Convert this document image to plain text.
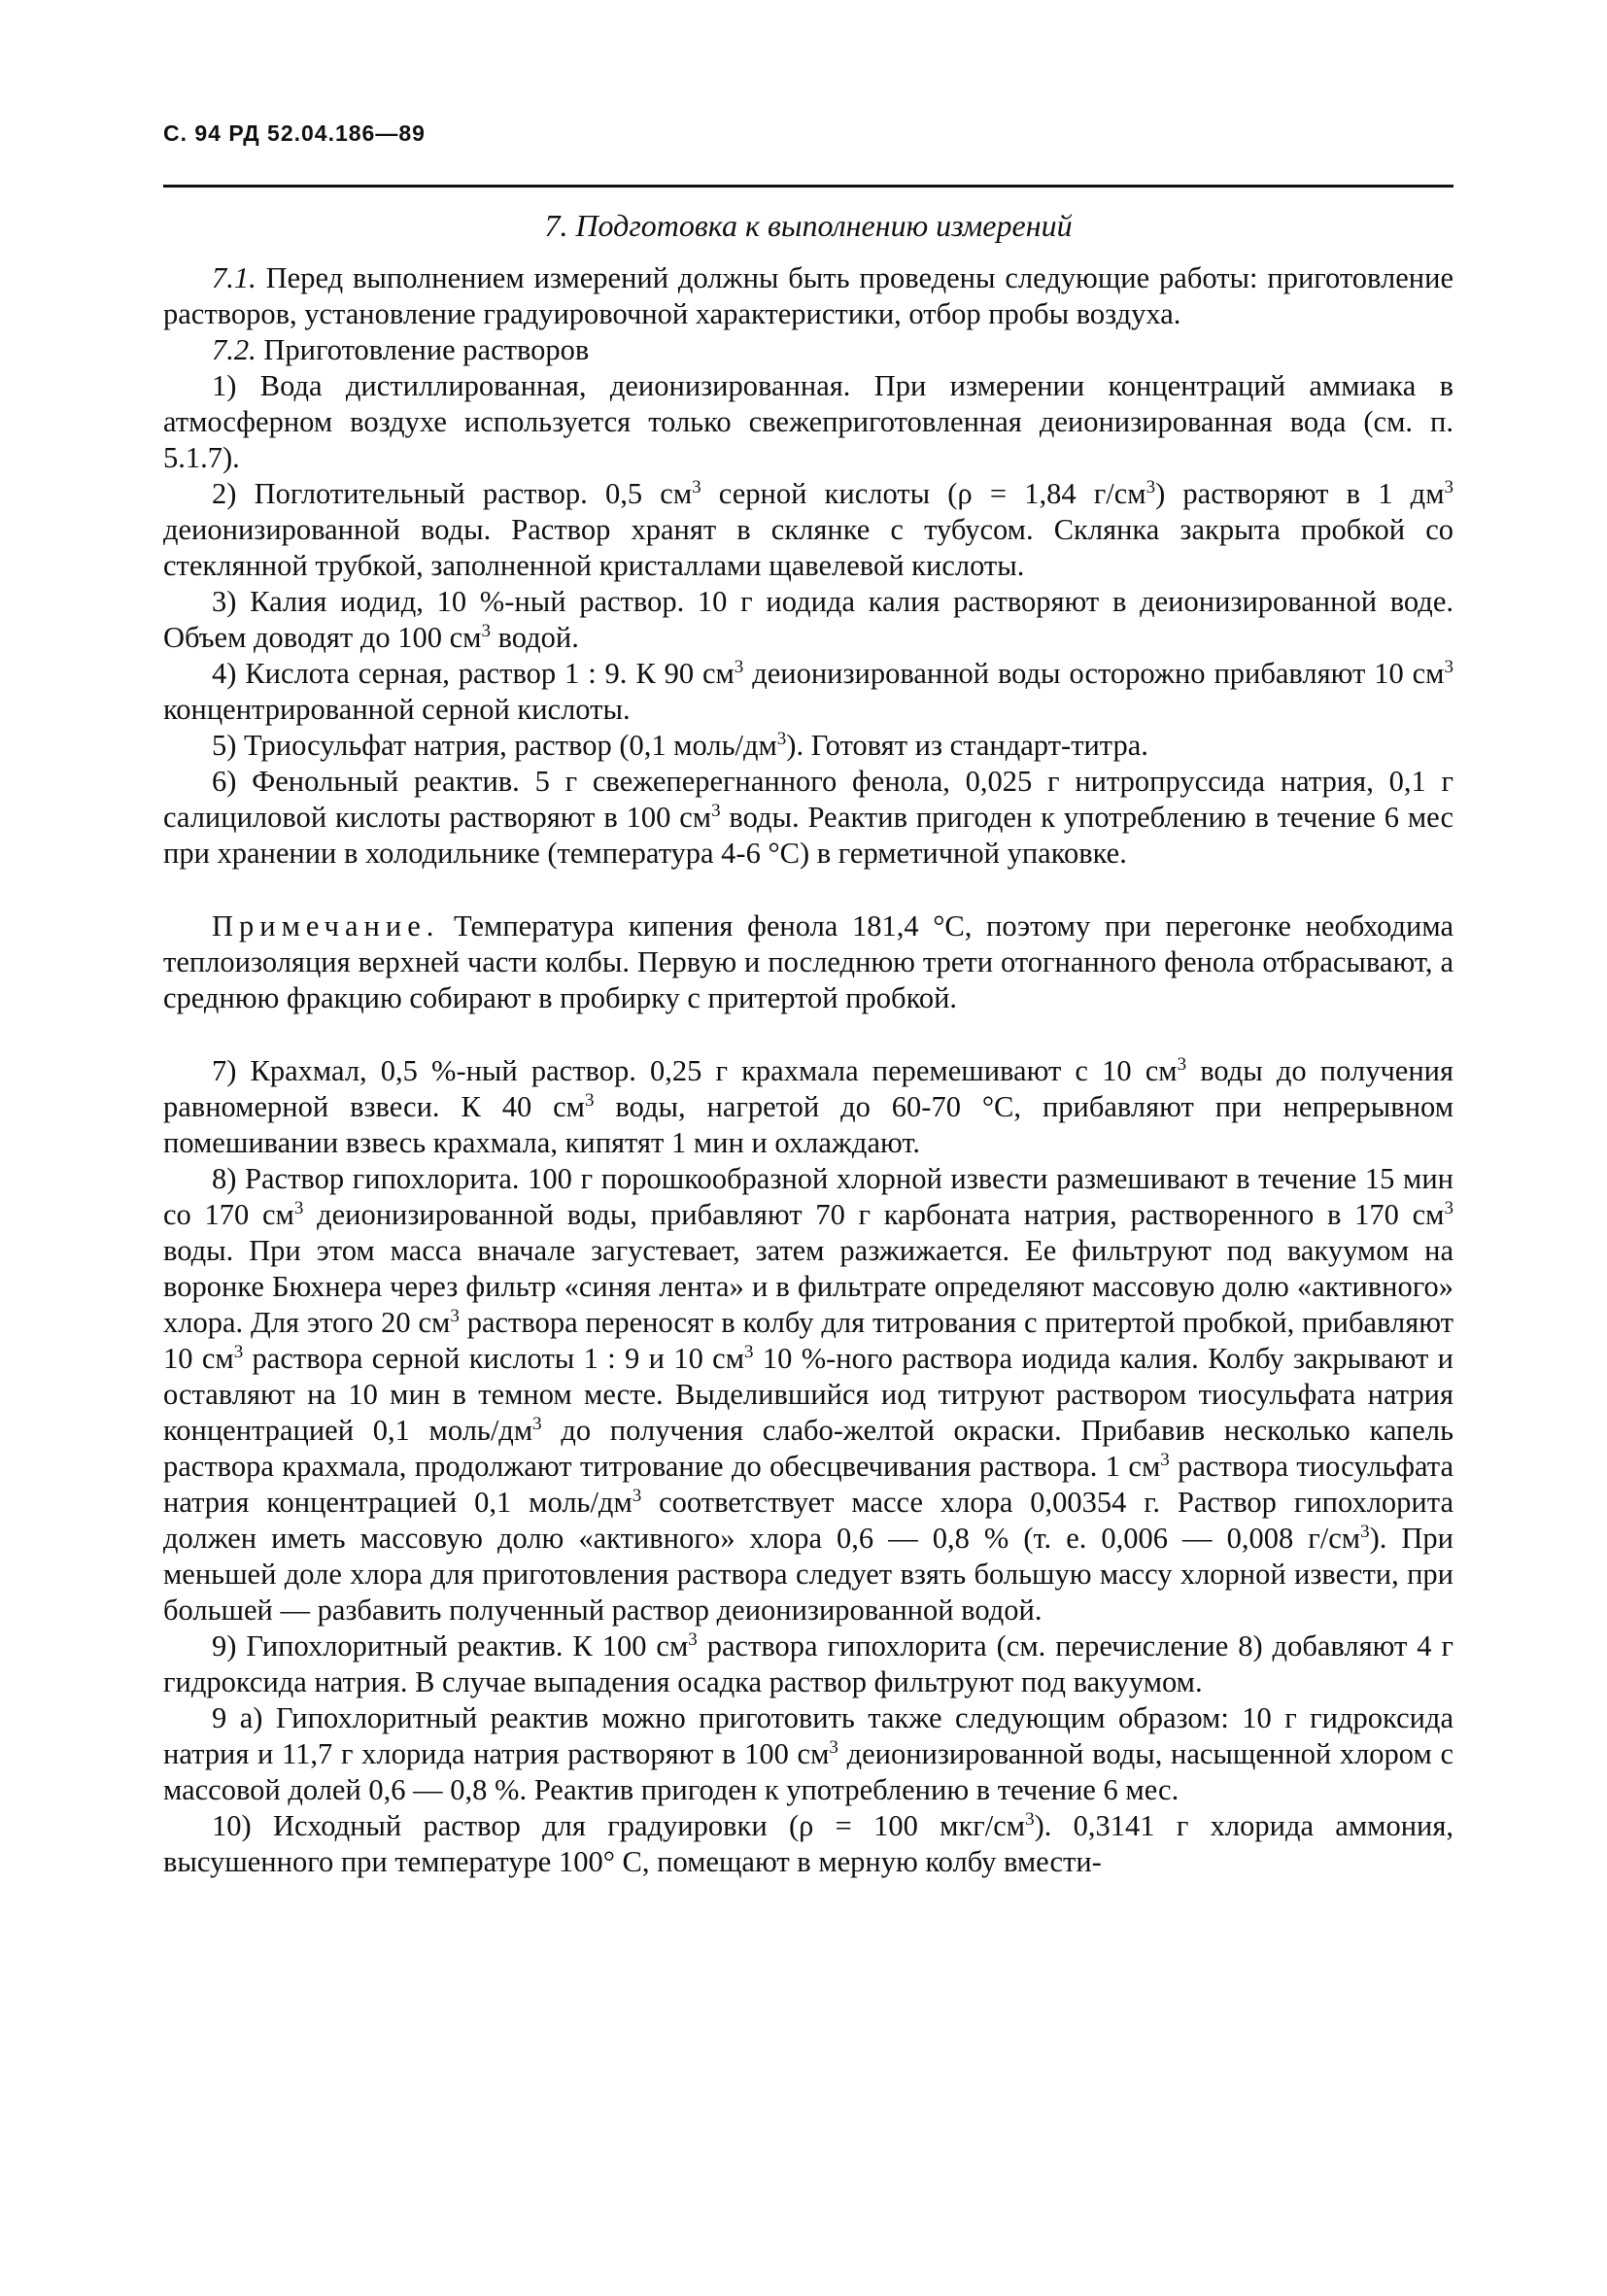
С. 94 РД 52.04.186—89
7. Подготовка к выполнению измерений

7.1. Перед выполнением измерений должны быть проведены следующие работы: приготовление растворов, установление градуировочной характеристики, отбор пробы воздуха.

7.2. Приготовление растворов

1) Вода дистиллированная, деионизированная. При измерении концентраций аммиака в атмосферном воздухе используется только свежеприготовленная деионизированная вода (см. п. 5.1.7).

2) Поглотительный раствор. 0,5 $см^3$ серной кислоты (ρ = 1,84 $г/см^3$) растворяют в 1 $дм^3$ деионизированной воды. Раствор хранят в склянке с тубусом. Склянка закрыта пробкой со стеклянной трубкой, заполненной кристаллами щавелевой кислоты.

3) Калия иодид, 10 %-ный раствор. 10 г иодида калия растворяют в деионизированной воде. Объем доводят до 100 $см^3$ водой.

4) Кислота серная, раствор 1 : 9. К 90 $см^3$ деионизированной воды осторожно прибавляют 10 $см^3$ концентрированной серной кислоты.

5) Триосульфат натрия, раствор (0,1 моль/$дм^3$). Готовят из стандарт-титра.

6) Фенольный реактив. 5 г свежеперегнанного фенола, 0,025 г нитропруссида натрия, 0,1 г салициловой кислоты растворяют в 100 $см^3$ воды. Реактив пригоден к употреблению в течение 6 мес при хранении в холодильнике (температура 4-6 °С) в герметичной упаковке.

Примечание. Температура кипения фенола 181,4 °С, поэтому при перегонке необходима теплоизоляция верхней части колбы. Первую и последнюю трети отогнанного фенола отбрасывают, а среднюю фракцию собирают в пробирку с притертой пробкой.

7) Крахмал, 0,5 %-ный раствор. 0,25 г крахмала перемешивают с 10 $см^3$ воды до получения равномерной взвеси. К 40 $см^3$ воды, нагретой до 60-70 °С, прибавляют при непрерывном помешивании взвесь крахмала, кипятят 1 мин и охлаждают.

8) Раствор гипохлорита. 100 г порошкообразной хлорной извести размешивают в течение 15 мин со 170 $см^3$ деионизированной воды, прибавляют 70 г карбоната натрия, растворенного в 170 $см^3$ воды. При этом масса вначале загустевает, затем разжижается. Ее фильтруют под вакуумом на воронке Бюхнера через фильтр «синяя лента» и в фильтрате определяют массовую долю «активного» хлора. Для этого 20 $см^3$ раствора переносят в колбу для титрования с притертой пробкой, прибавляют 10 $см^3$ раствора серной кислоты 1 : 9 и 10 $см^3$ 10 %-ного раствора иодида калия. Колбу закрывают и оставляют на 10 мин в темном месте. Выделившийся иод титруют раствором тиосульфата натрия концентрацией 0,1 моль/$дм^3$ до получения слабо-желтой окраски. Прибавив несколько капель раствора крахмала, продолжают титрование до обесцвечивания раствора. 1 $см^3$ раствора тиосульфата натрия концентрацией 0,1 моль/$дм^3$ соответствует массе хлора 0,00354 г. Раствор гипохлорита должен иметь массовую долю «активного» хлора 0,6 — 0,8 % (т. е. 0,006 — 0,008 $г/см^3$). При меньшей доле хлора для приготовления раствора следует взять большую массу хлорной извести, при большей — разбавить полученный раствор деионизированной водой.

9) Гипохлоритный реактив. К 100 $см^3$ раствора гипохлорита (см. перечисление 8) добавляют 4 г гидроксида натрия. В случае выпадения осадка раствор фильтруют под вакуумом.

9 а) Гипохлоритный реактив можно приготовить также следующим образом: 10 г гидроксида натрия и 11,7 г хлорида натрия растворяют в 100 $см^3$ деионизированной воды, насыщенной хлором с массовой долей 0,6 — 0,8 %. Реактив пригоден к употреблению в течение 6 мес.

10) Исходный раствор для градуировки (ρ = 100 мкг/$см^3$). 0,3141 г хлорида аммония, высушенного при температуре 100° С, помещают в мерную колбу вмести-
